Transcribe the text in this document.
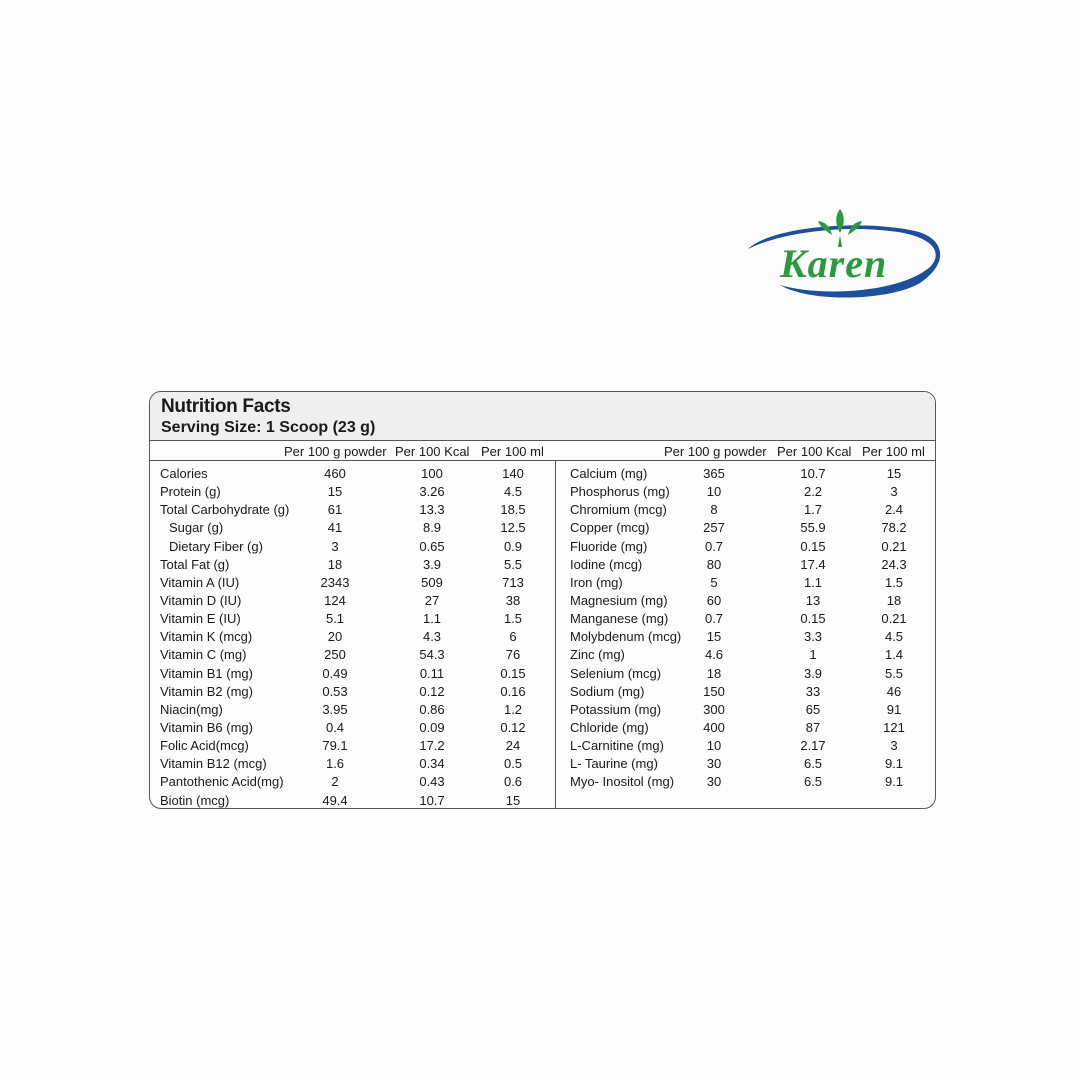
Karen
Nutrition Facts
Serving Size: 1 Scoop (23 g)
Per 100 g powder Per 100 Kcal Per 100 ml	Per 100 g powder Per 100 Kcal Per 100 ml
Calories	460	100	140
Protein (g)	15	3.26	4.5
Total Carbohydrate (g)	61	13.3	18.5
Sugar (g)	41	8.9	12.5
Dietary Fiber (g)	3	0.65	0.9
Total Fat (g)	18	3.9	5.5
Vitamin A (IU)	2343	509	713
Vitamin D (IU)	124	27	38
Vitamin E (IU)	5.1	1.1	1.5
Vitamin K (mcg)	20	4.3	6
Vitamin C (mg)	250	54.3	76
Vitamin B1 (mg)	0.49	0.11	0.15
Vitamin B2 (mg)	0.53	0.12	0.16
Niacin(mg)	3.95	0.86	1.2
Vitamin B6 (mg)	0.4	0.09	0.12
Folic Acid(mcg)	79.1	17.2	24
Vitamin B12 (mcg)	1.6	0.34	0.5
Pantothenic Acid(mg)	2	0.43	0.6
Biotin (mcg)	49.4	10.7	15
Calcium (mg)	365	10.7	15
Phosphorus (mg)	10	2.2	3
Chromium (mcg)	8	1.7	2.4
Copper (mcg)	257	55.9	78.2
Fluoride (mg)	0.7	0.15	0.21
Iodine (mcg)	80	17.4	24.3
Iron (mg)	5	1.1	1.5
Magnesium (mg)	60	13	18
Manganese (mg)	0.7	0.15	0.21
Molybdenum (mcg) 15	3.3	4.5
Zinc (mg)	4.6	1	1.4
Selenium (mcg)	18	3.9	5.5
Sodium (mg)	150	33	46
Potassium (mg)	300	65	91
Chloride (mg)	400	87	121
L-Carnitine (mg)	10	2.17	3
L- Taurine (mg)	30	6.5	9.1
Myo- Inositol (mg)	30	6.5	9.1
